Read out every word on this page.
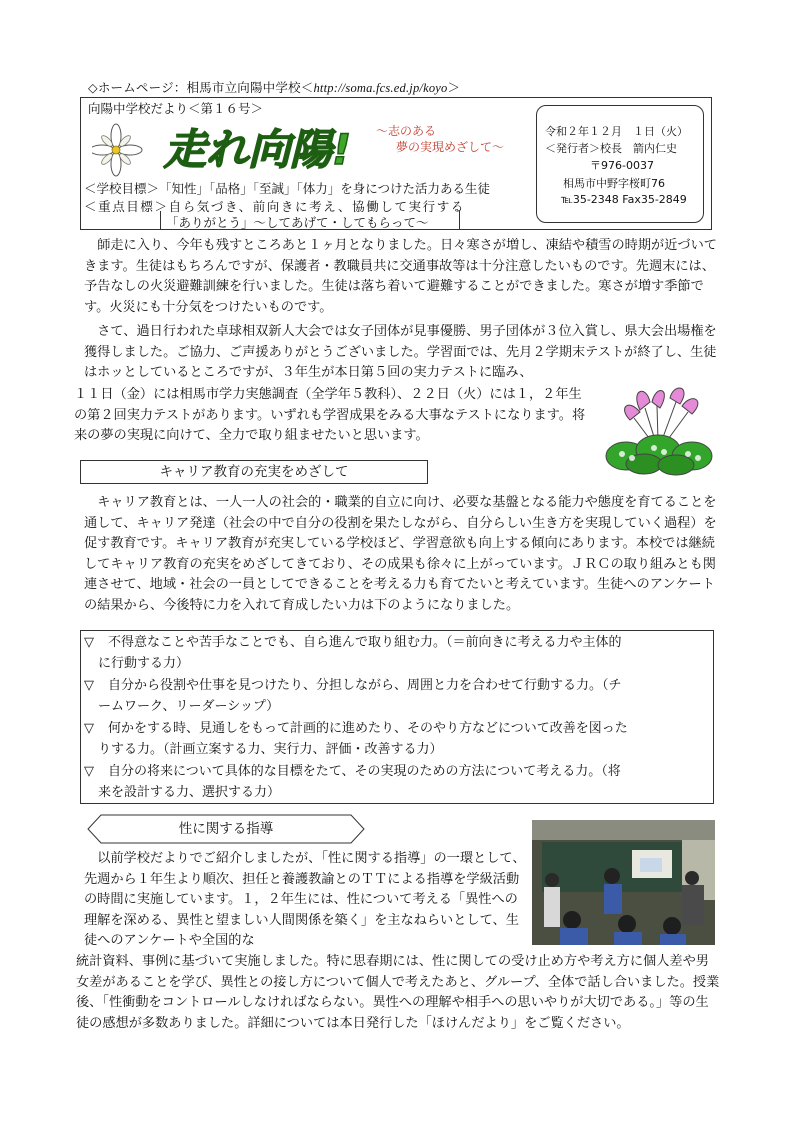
◇ホームページ：相馬市立向陽中学校＜http://soma.fcs.ed.jp/koyo＞
向陽中学校だより＜第１６号＞
走れ向陽! ～志のある
夢の実現めざして～
＜学校目標＞「知性」「品格」「至誠」「体力」を身につけた活力ある生徒
＜重点目標＞自ら気づき、前向きに考え、協働して実行する
「ありがとう」～してあげて・してもらって～
令和２年１２月　１日（火）
＜発行者＞校長　箭内仁史
〒976-0037
相馬市中野字桜町76
℡35-2348 Fax35-2849

師走に入り、今年も残すところあと１ヶ月となりました。日々寒さが増し、凍結や積雪の時期が近づいてきます。生徒はもちろんですが、保護者・教職員共に交通事故等は十分注意したいものです。先週末には、予告なしの火災避難訓練を行いました。生徒は落ち着いて避難することができました。寒さが増す季節です。火災にも十分気をつけたいものです。

さて、過日行われた卓球相双新人大会では女子団体が見事優勝、男子団体が３位入賞し、県大会出場権を獲得しました。ご協力、ご声援ありがとうございました。学習面では、先月２学期末テストが終了し、生徒はホッとしているところですが、３年生が本日第５回の実力テストに臨み、

１１日（金）には相馬市学力実態調査（全学年５教科）、２２日（火）には１，２年生の第２回実力テストがあります。いずれも学習成果をみる大事なテストになります。将来の夢の実現に向けて、全力で取り組ませたいと思います。

キャリア教育の充実をめざして

キャリア教育とは、一人一人の社会的・職業的自立に向け、必要な基盤となる能力や態度を育てることを通して、キャリア発達（社会の中で自分の役割を果たしながら、自分らしい生き方を実現していく過程）を促す教育です。キャリア教育が充実している学校ほど、学習意欲も向上する傾向にあります。本校では継続してキャリア教育の充実をめざしてきており、その成果も徐々に上がっています。ＪＲＣの取り組みとも関連させて、地域・社会の一員としてできることを考える力も育てたいと考えています。生徒へのアンケートの結果から、今後特に力を入れて育成したい力は下のようになりました。

▽ 不得意なことや苦手なことでも、自ら進んで取り組む力。（＝前向きに考える力や主体的
に行動する力）
▽ 自分から役割や仕事を見つけたり、分担しながら、周囲と力を合わせて行動する力。（チ
ームワーク、リーダーシップ）
▽ 何かをする時、見通しをもって計画的に進めたり、そのやり方などについて改善を図った
りする力。（計画立案する力、実行力、評価・改善する力）
▽ 自分の将来について具体的な目標をたて、その実現のための方法について考える力。（将
来を設計する力、選択する力）
性に関する指導

以前学校だよりでご紹介しましたが、「性に関する指導」の一環として、先週から１年生より順次、担任と養護教諭とのＴＴによる指導を学級活動の時間に実施しています。１，２年生には、性について考える「異性への理解を深める、異性と望ましい人間関係を築く」を主なねらいとして、生徒へのアンケートや全国的な

統計資料、事例に基づいて実施しました。特に思春期には、性に関しての受け止め方や考え方に個人差や男女差があることを学び、異性との接し方について個人で考えたあと、グループ、全体で話し合いました。授業後、「性衝動をコントロールしなければならない。異性への理解や相手への思いやりが大切である。」等の生徒の感想が多数ありました。詳細については本日発行した「ほけんだより」をご覧ください。
